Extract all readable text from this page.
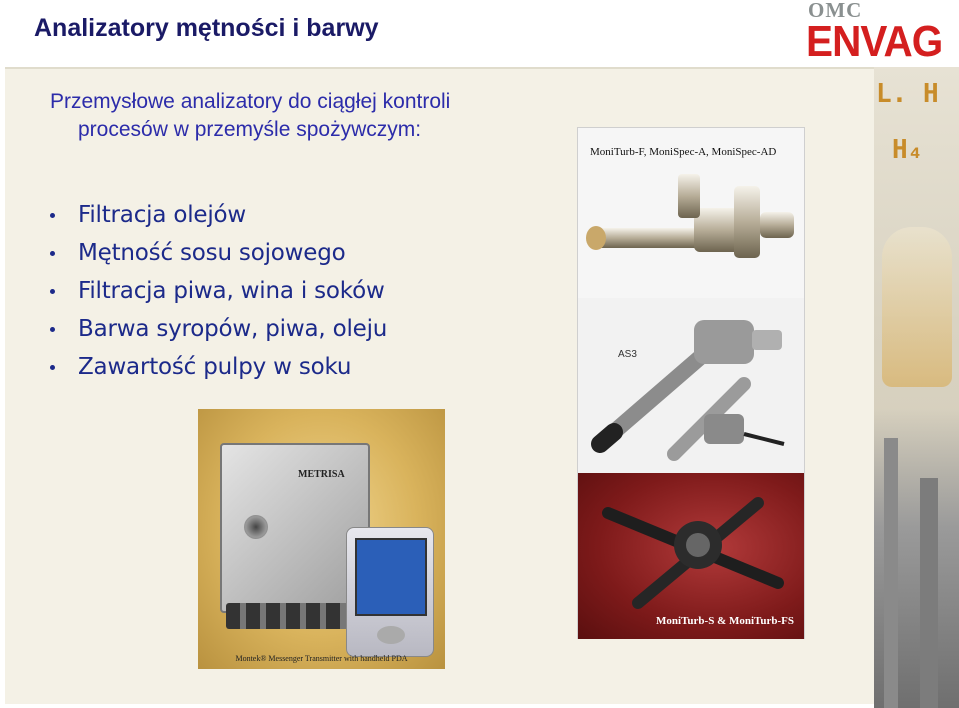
Analizatory mętności i barwy
OMC
ENVAG
L. H
H₄
Przemysłowe analizatory do ciągłej kontroli
procesów w przemyśle spożywczym:
Filtracja olejów
Mętność sosu sojowego
Filtracja piwa, wina i soków
Barwa syropów, piwa, oleju
Zawartość pulpy w soku
MoniTurb-F, MoniSpec-A, MoniSpec-AD
AS3
MoniTurb-S & MoniTurb-FS
METRISA
Montek® Messenger Transmitter with handheld PDA
